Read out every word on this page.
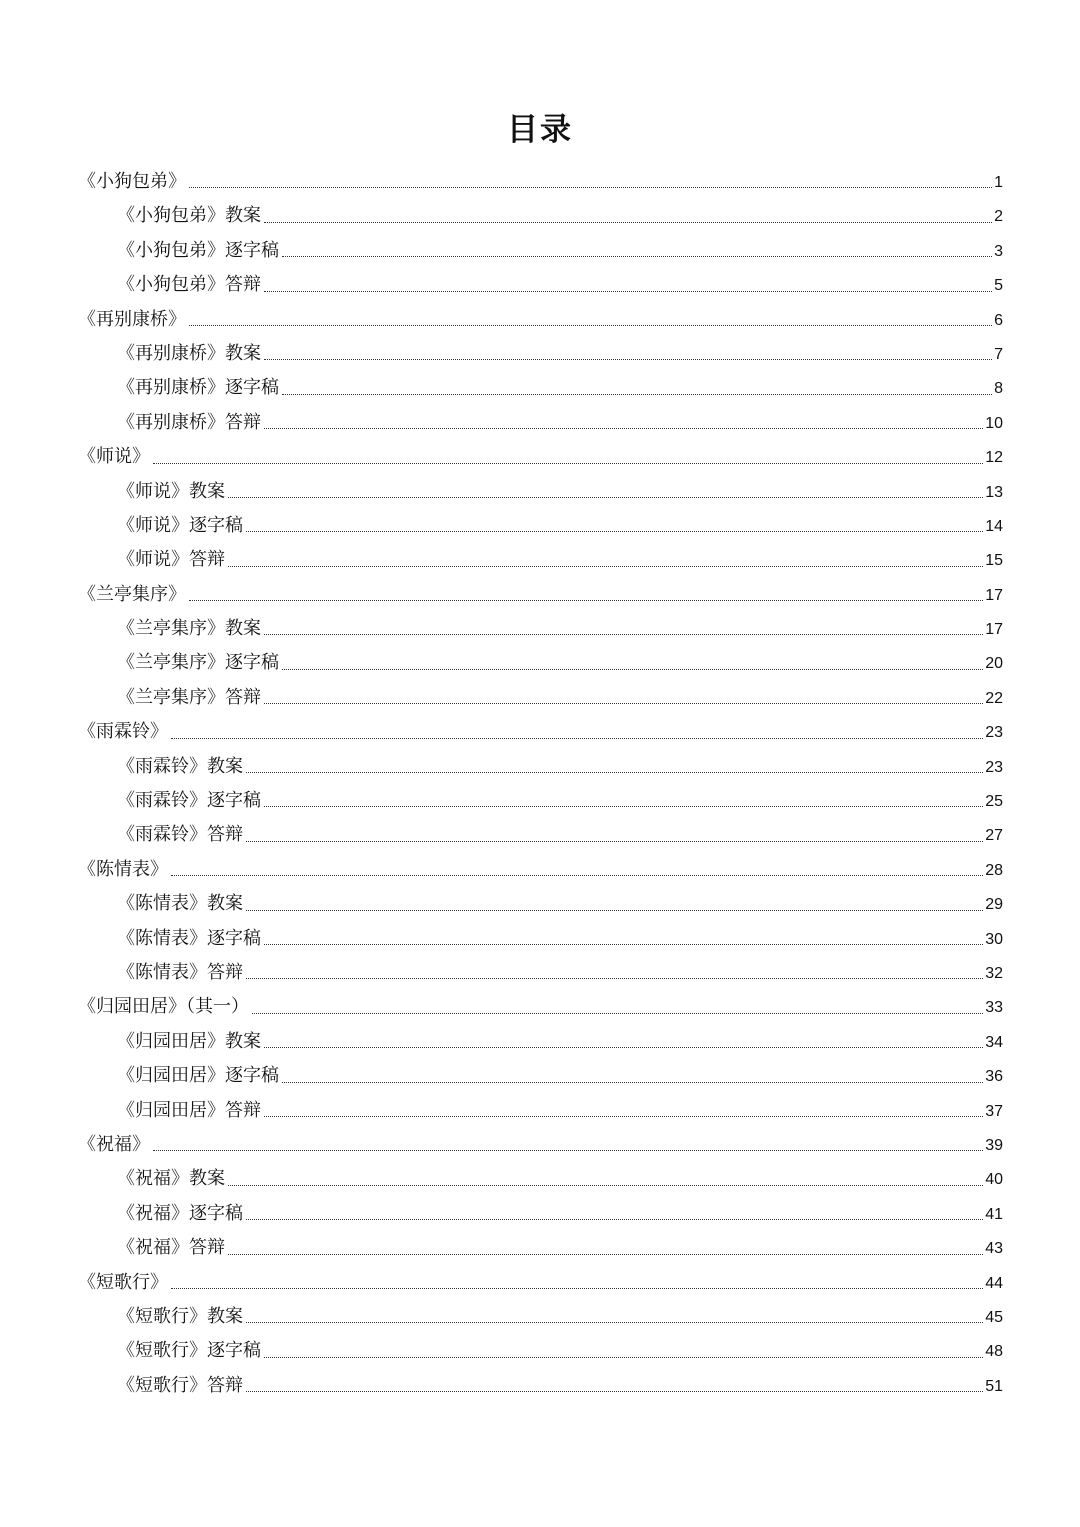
目录
《小狗包弟》	1
《小狗包弟》教案	2
《小狗包弟》逐字稿	3
《小狗包弟》答辩	5
《再别康桥》	6
《再别康桥》教案	7
《再别康桥》逐字稿	8
《再别康桥》答辩	10
《师说》	12
《师说》教案	13
《师说》逐字稿	14
《师说》答辩	15
《兰亭集序》	17
《兰亭集序》教案	17
《兰亭集序》逐字稿	20
《兰亭集序》答辩	22
《雨霖铃》	23
《雨霖铃》教案	23
《雨霖铃》逐字稿	25
《雨霖铃》答辩	27
《陈情表》	28
《陈情表》教案	29
《陈情表》逐字稿	30
《陈情表》答辩	32
《归园田居》（其一）	33
《归园田居》教案	34
《归园田居》逐字稿	36
《归园田居》答辩	37
《祝福》	39
《祝福》教案	40
《祝福》逐字稿	41
《祝福》答辩	43
《短歌行》	44
《短歌行》教案	45
《短歌行》逐字稿	48
《短歌行》答辩	51
